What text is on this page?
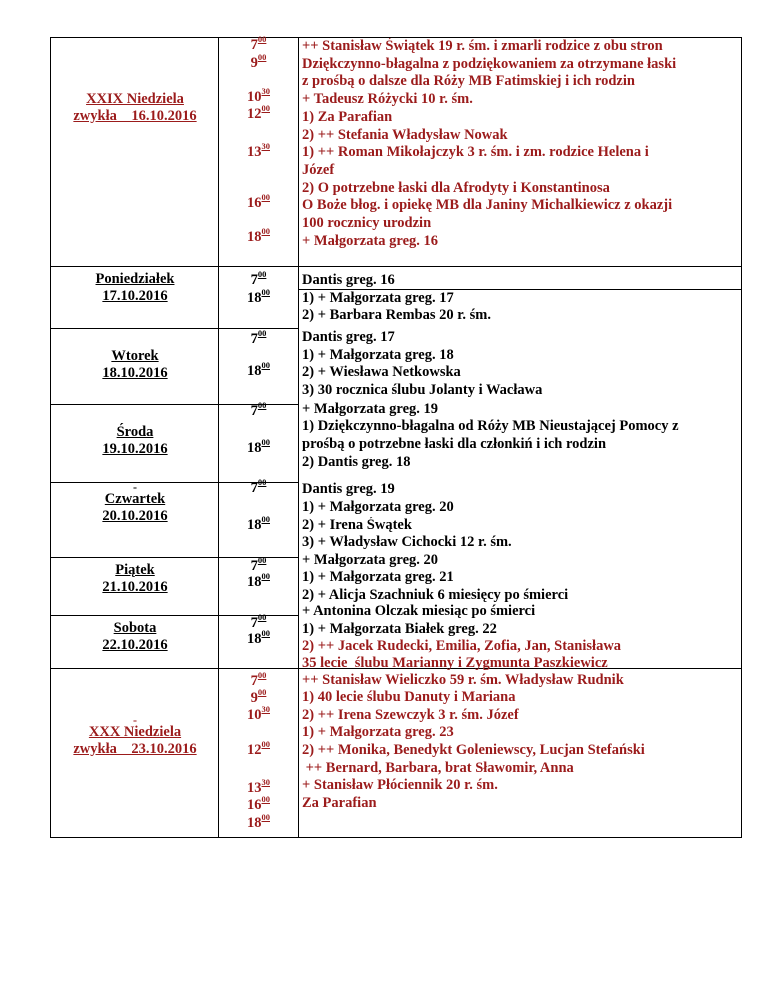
XXIX Niedziela
zwykła    16.10.2016
Poniedziałek
17.10.2016
Wtorek
18.10.2016
Środa
19.10.2016
-
Czwartek
20.10.2016
Piątek
21.10.2016
Sobota
22.10.2016
-
XXX Niedziela
zwykła    23.10.2016
$7^{00}$
$9^{00}$
$10^{30}$
$12^{00}$
$13^{30}$
$16^{00}$
$18^{00}$
$7^{00}$
$18^{00}$
$7^{00}$
$18^{00}$
$7^{00}$
$18^{00}$
$7^{00}$
$18^{00}$
$7^{00}$
$18^{00}$
$7^{00}$
$18^{00}$
$7^{00}$
$9^{00}$
$10^{30}$
$12^{00}$
$13^{30}$
$16^{00}$
$18^{00}$
++ Stanisław Świątek 19 r. śm. i zmarli rodzice z obu stron
Dziękczynno-błagalna z podziękowaniem za otrzymane łaski
z prośbą o dalsze dla Róży MB Fatimskiej i ich rodzin
+ Tadeusz Różycki 10 r. śm.
1) Za Parafian
2) ++ Stefania Władysław Nowak
1) ++ Roman Mikołajczyk 3 r. śm. i zm. rodzice Helena i
Józef
2) O potrzebne łaski dla Afrodyty i Konstantinosa
O Boże błog. i opiekę MB dla Janiny Michalkiewicz z okazji
100 rocznicy urodzin
+ Małgorzata greg. 16
Dantis greg. 16
1) + Małgorzata greg. 17
2) + Barbara Rembas 20 r. śm.
Dantis greg. 17
1) + Małgorzata greg. 18
2) + Wiesława Netkowska
3) 30 rocznica ślubu Jolanty i Wacława
+ Małgorzata greg. 19
1) Dziękczynno-błagalna od Róży MB Nieustającej Pomocy z
prośbą o potrzebne łaski dla członkiń i ich rodzin
2) Dantis greg. 18
Dantis greg. 19
1) + Małgorzata greg. 20
2) + Irena Śwątek
3) + Władysław Cichocki 12 r. śm.
+ Małgorzata greg. 20
1) + Małgorzata greg. 21
2) + Alicja Szachniuk 6 miesięcy po śmierci
+ Antonina Olczak miesiąc po śmierci
1) + Małgorzata Białek greg. 22
2) ++ Jacek Rudecki, Emilia, Zofia, Jan, Stanisława
35 lecie  ślubu Marianny i Zygmunta Paszkiewicz
++ Stanisław Wieliczko 59 r. śm. Władysław Rudnik
1) 40 lecie ślubu Danuty i Mariana
2) ++ Irena Szewczyk 3 r. śm. Józef
1) + Małgorzata greg. 23
2) ++ Monika, Benedykt Goleniewscy, Lucjan Stefański
++ Bernard, Barbara, brat Sławomir, Anna
+ Stanisław Płóciennik 20 r. śm.
Za Parafian
